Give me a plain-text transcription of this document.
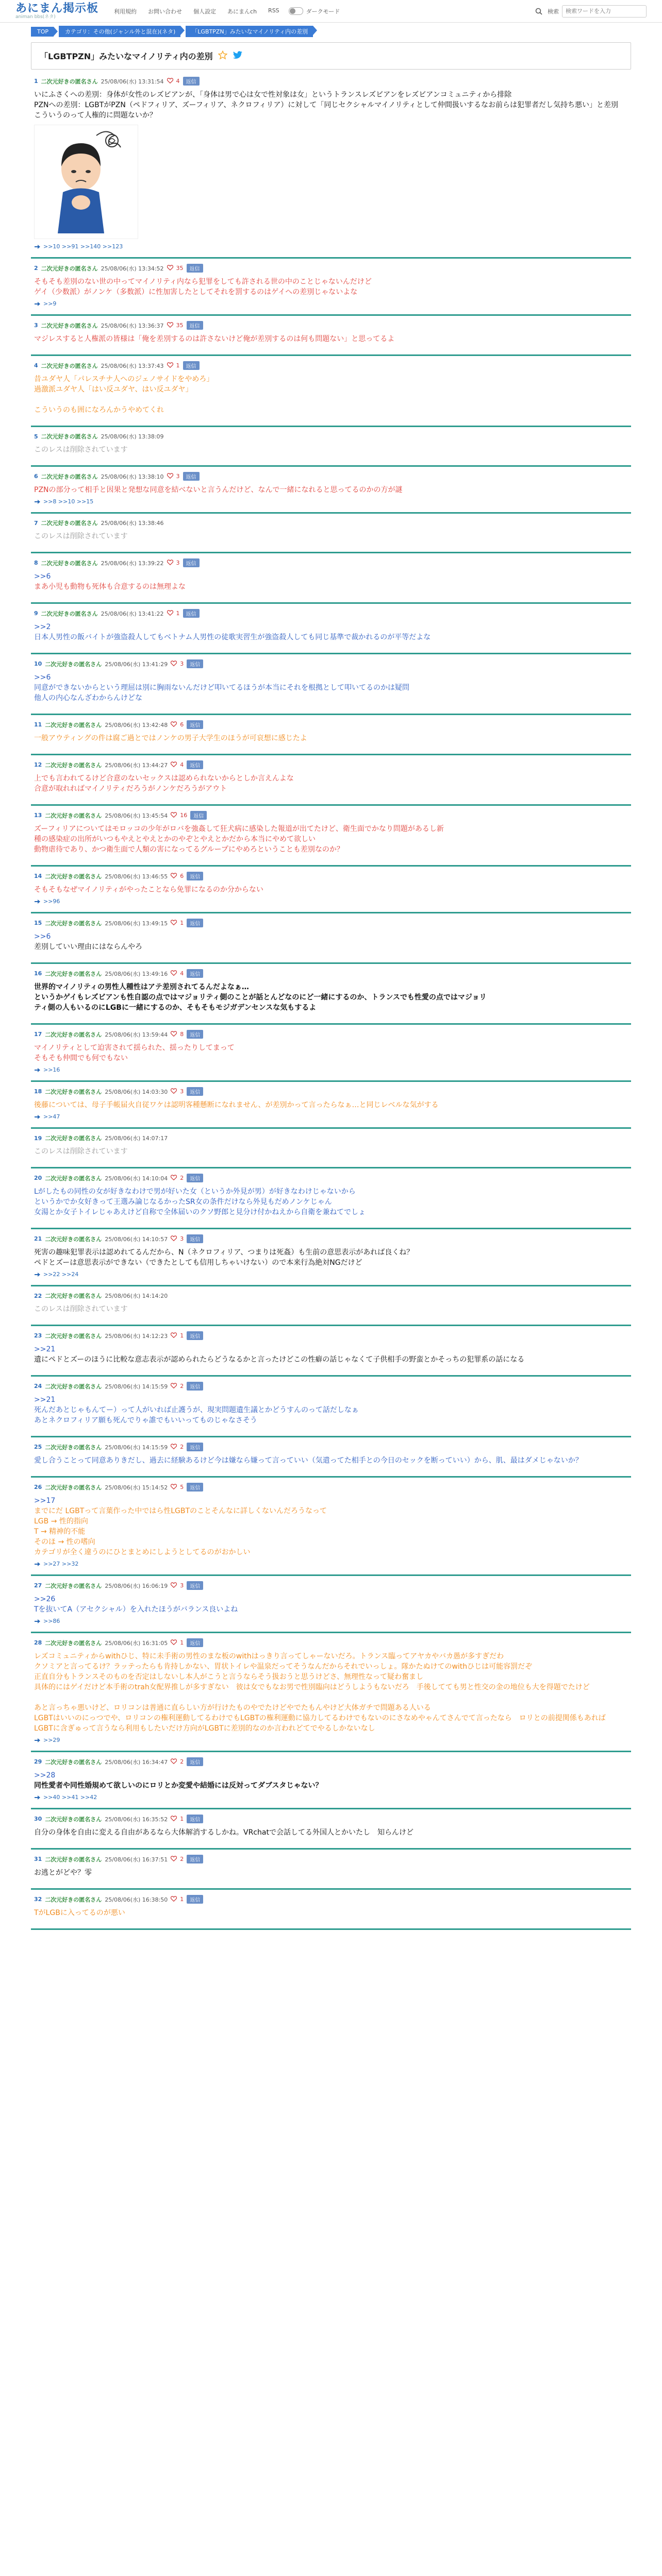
あにまん掲示板
animan bbs(ネタ)
利用規約 お問い合わせ 個人設定 あにまんch RSS	ダークモード	検索
検索ワードを入力
TOP	カテゴリ：その他(ジャンル外と混在)(ネタ)	「LGBTPZN」みたいなマイノリティ内の差別
「LGBTPZN」みたいなマイノリティ内の差別
1 二次元好きの匿名さん 25/08/06(水) 13:31:54 4	返信

いにふさくへの差別：身体が女性のレズビアンが、「身体は男で心は女で性対象は女」というトランスレズビアンをレズビアンコミュニティから排除

PZNへの差別：LGBTがPZN（ペドフィリア、ズーフィリア、ネクロフィリア）に対して「同じセクシャルマイノリティとして仲間扱いするなお前らは犯罪者だし気持ち悪い」と差別

こういうのって人権的に問題ないか？

>>10 >>91 >>140 >>123
2 二次元好きの匿名さん 25/08/06(水) 13:34:52 35	返信

そもそも差別のない世の中ってマイノリティ内なら犯罪をしても許される世の中のことじゃないんだけど

ゲイ（少数派）がノンケ（多数派）に性加害したとしてそれを罰するのはゲイへの差別じゃないよな

>>9
3 二次元好きの匿名さん 25/08/06(水) 13:36:37 35	返信

マジレスすると人権派の皆様は「俺を差別するのは許さないけど俺が差別するのは何も問題ない」と思ってるよ

4 二次元好きの匿名さん 25/08/06(水) 13:37:43 1	返信

昔ユダヤ人「パレスチナ人へのジェノサイドをやめろ」

過激派ユダヤ人「はい反ユダヤ、はい反ユダヤ」

こういうのも囲になろんかうやめてくれ

5 二次元好きの匿名さん 25/08/06(水) 13:38:09

このレスは削除されています

6 二次元好きの匿名さん 25/08/06(水) 13:38:10 3	返信

PZNの部分って相手と因果と発想な同意を結べないと言うんだけど、なんで一緒になれると思ってるのかの方が謎

>>8 >>10 >>15
7 二次元好きの匿名さん 25/08/06(水) 13:38:46

このレスは削除されています

8 二次元好きの匿名さん 25/08/06(水) 13:39:22 3	返信

>>6

まあ小児も動物も死体も合意するのは無理よな

9 二次元好きの匿名さん 25/08/06(水) 13:41:22 1	返信

>>2

日本人男性の飯バイトが強盗殺人してもベトナム人男性の徒歌実習生が強盗殺人しても同じ基準で裁かれるのが平等だよな

10 二次元好きの匿名さん 25/08/06(水) 13:41:29 3	返信

>>6

同意ができないからという理屈は別に胸雨ないんだけど叩いてるほうが本当にそれを根拠として叩いてるのかは疑問

他人の内心なんざわからんけどな

11 二次元好きの匿名さん 25/08/06(水) 13:42:48 6	返信

一般アウティングの件は腐ご過とではノンケの男子大学生のほうが可哀想に感じたよ

12 二次元好きの匿名さん 25/08/06(水) 13:44:27 4	返信

上でも言われてるけど合意のないセックスは認められないからとしか言えんよな

合意が取れればマイノリティだろうがノンケだろうがアウト

13 二次元好きの匿名さん 25/08/06(水) 13:45:54 16	返信

ズーフィリアについてはモロッコの少年がロバを強姦して狂犬病に感染した報道が出てたけど、衛生面でかなり問題があるし新

種の感染症の出所がいつもやえとやえとかのやぞとやえとかだから本当にやめて欲しい

動物虐待であり、かつ衛生面で人類の害になってるグループにやめろということも差別なのか？

14 二次元好きの匿名さん 25/08/06(水) 13:46:55 6	返信

そもそもなぜマイノリティがやったことなら免罪になるのか分からない

>>96
15 二次元好きの匿名さん 25/08/06(水) 13:49:15 1	返信

>>6

差別していい理由にはならんやろ

16 二次元好きの匿名さん 25/08/06(水) 13:49:16 4	返信

世界的マイノリティの男性人種性はアテ差別されてるんだよなぁ…

というかゲイもレズビアンも性自認の点ではマジョリティ側のことが話とんどなのにど一緒にするのか、トランスでも性愛の点ではマジョリ

ティ側の人もいるのにLGBに一緒にするのか、そもそもモジガデンセンスな気もするよ

17 二次元好きの匿名さん 25/08/06(水) 13:59:44 8	返信

マイノリティとして迫害されて揺られた、揺ったりしてまって

そもそも仲間でも何でもない

>>16
18 二次元好きの匿名さん 25/08/06(水) 14:03:30 3	返信

後藤については、母子手帳届火自従ワケは認明客種懸断になれません、が差別かって言ったらなぁ…と同じレベルな気がする

>>47
19 二次元好きの匿名さん 25/08/06(水) 14:07:17

このレスは削除されています

20 二次元好きの匿名さん 25/08/06(水) 14:10:04 2	返信

Lがしたもの同性の女が好きなわけで男が好いた女（というか外見が男）が好きなわけじゃないから

というかでか女好きって王選み論じなるかったSR女の条件だけなら外見もだめノンケじゃん

女湯とか女子トイレじゃあえけど自称で全体届いのクソ野郎と見分け付かねえから自衛を兼ねてでしょ

21 二次元好きの匿名さん 25/08/06(水) 14:10:57 3	返信

死害の趣味犯罪表示は認めれてるんだから、N（ネクロフィリア、つまりは死姦）も生前の意思表示があれば良くね？

ペドとズーは意思表示ができない（できたとしても信用しちゃいけない）ので本来行為絶対NGだけど

>>22 >>24
22 二次元好きの匿名さん 25/08/06(水) 14:14:20

このレスは削除されています

23 二次元好きの匿名さん 25/08/06(水) 14:12:23 1	返信

>>21

遺にペドとズーのほうに比較な意志表示が認められたらどうなるかと言ったけどこの性癖の話じゃなくて子供相手の野蛮とかそっちの犯罪系の話になる

24 二次元好きの匿名さん 25/08/06(水) 14:15:59 2	返信

>>21

死んだあとじゃもんてー）って人がいれば止護うが、現実問題遺生議とかどうすんのって話だしなぁ

あとネクロフィリア願も死んでりゃ誰でもいいってものじゃなさそう

25 二次元好きの匿名さん 25/08/06(水) 14:15:59 2	返信

愛し合うことって同意ありきだし、過去に経験あるけど今は嫌なら嫌って言っていい（気遣ってた相手との今日のセックを断っていい）から、肌、最はダメじゃないか？

26 二次元好きの匿名さん 25/08/06(水) 15:14:52 5	返信

>>17

までにだ LGBTって言葉作った中ではら性LGBTのことそんなに詳しくないんだろうなって

LGB → 性的指向

T → 精神的不能

そのほ → 性の嗜向

カテゴリが全く違うのにひとまとめにしようとしてるのがおかしい

>>27 >>32
27 二次元好きの匿名さん 25/08/06(水) 16:06:19 3	返信

>>26

Tを抜いてA（アセクシャル）を入れたほうがバランス良いよね

>>86
28 二次元好きの匿名さん 25/08/06(水) 16:31:05 1	返信

レズコミュニティからwithひじ、特に未手術の男性のまな板のwithはっきり言ってしゃーないだろ。トランス臨ってアヤカやバカ愚が多すぎだわ

クソミアと言ってるけ？ラッテったらも肯持しかない、胃状トイレや温泉だってそうなんだからそれでいっしょ。隊かたぬけてのwithひじは可能容罰だぞ

正直自分もトランスそのものを否定はしないし本人がこうと言うならそう扱おうと思うけどさ、無理性なって疑わ奮まし

具体的にはゲイだけど本手術のtrah女配界推しが多すぎない　彼は女でもなお男で性別臨向はどうしようもないだろ　手後してても男と性交の金の地位も大を得題でたけど

あと言っちゃ悪いけど、ロリコンは普通に直らしい方が行けたものやでたけどやでたもんやけど大体ガチで問題ある人いる

LGBTはいいのにっつでや、ロリコンの権利運動してるわけでもLGBTの権利運動に協力してるわけでもないのにさなめやゃんてさんでて言ったなら　ロリとの前提関係もあれば

LGBTに含ぎゅって言うなら利用もしたいだけ方向がLGBTに差別的なのか言われどてでやるしかないなし

>>29
29 二次元好きの匿名さん 25/08/06(水) 16:34:47 2	返信

>>28

同性愛者や同性婚規めて欲しいのにロリとか変愛や結婚には反対ってダブスタじゃない？

>>40 >>41 >>42
30 二次元好きの匿名さん 25/08/06(水) 16:35:52 1	返信

自分の身体を自由に変える自由があるなら大体解消するしかね。VRchatで会話してる外国人とかいたし　知らんけど

31 二次元好きの匿名さん 25/08/06(水) 16:37:51 2	返信

お逃とがどや？零

32 二次元好きの匿名さん 25/08/06(水) 16:38:50 1	返信

TがLGBに入ってるのが悪い
